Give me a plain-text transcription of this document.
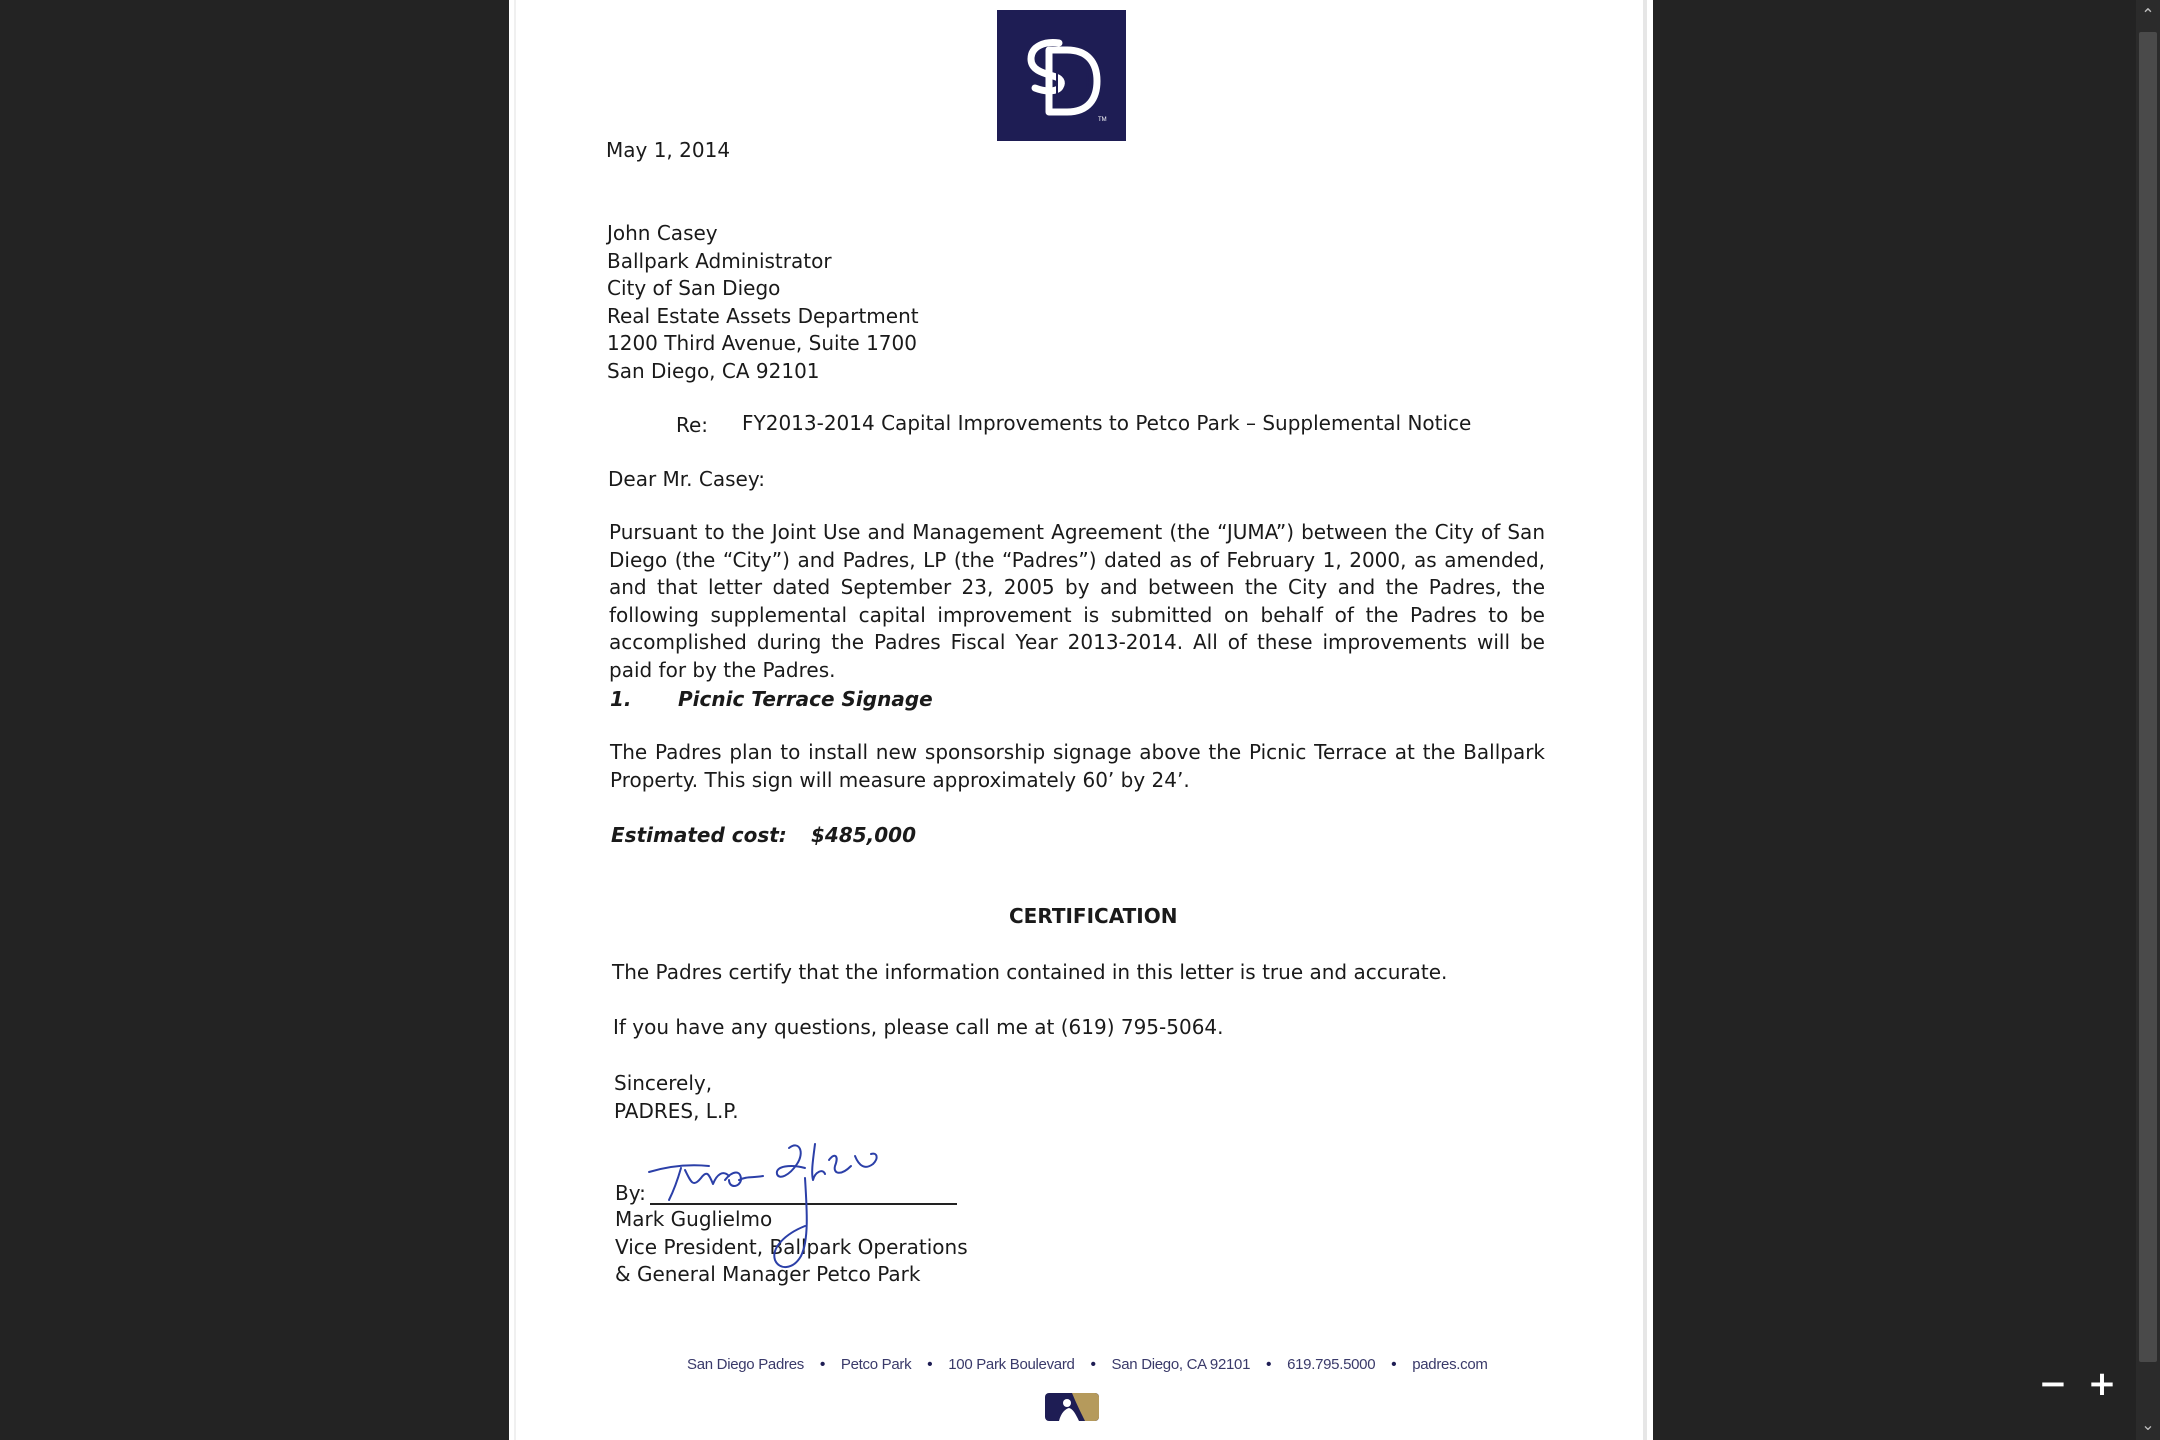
TM
May 1, 2014
John Casey
Ballpark Administrator
City of San Diego
Real Estate Assets Department
1200 Third Avenue, Suite 1700
San Diego, CA 92101
Re: FY2013-2014 Capital Improvements to Petco Park – Supplemental Notice
Dear Mr. Casey:
Pursuant to the Joint Use and Management Agreement (the “JUMA”) between the City of San Diego (the “City”) and Padres, LP (the “Padres”) dated as of February 1, 2000, as amended, and that letter dated September 23, 2005 by and between the City and the Padres, the following supplemental capital improvement is submitted on behalf of the Padres to be accomplished during the Padres Fiscal Year 2013-2014. All of these improvements will be paid for by the Padres.
1. Picnic Terrace Signage
The Padres plan to install new sponsorship signage above the Picnic Terrace at the Ballpark Property. This sign will measure approximately 60’ by 24’.
Estimated cost: $485,000
CERTIFICATION
The Padres certify that the information contained in this letter is true and accurate.
If you have any questions, please call me at (619) 795-5064.
Sincerely,
PADRES, L.P.
By:
Mark Guglielmo
Vice President, Ballpark Operations
& General Manager Petco Park
San Diego Padres • Petco Park • 100 Park Boulevard • San Diego, CA 92101 • 619.795.5000 • padres.com
⌃
⌄
− +
